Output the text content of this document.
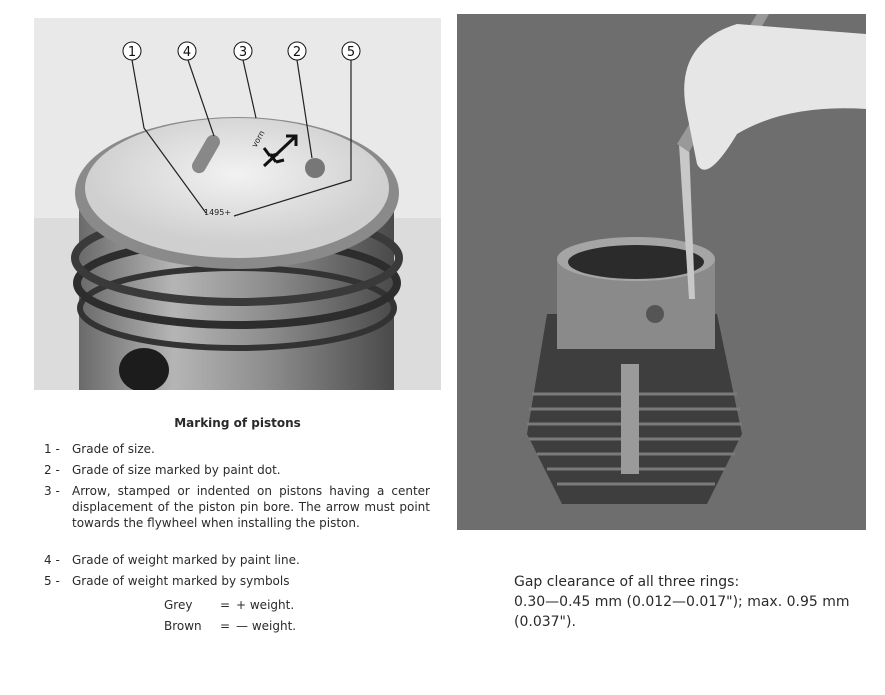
vorn
1495+
1	4	3	2	5
Marking of pistons
1 - Grade of size.
2 - Grade of size marked by paint dot.
3 - Arrow, stamped or indented on pistons having a center displacement of the piston pin bore. The arrow must point towards the flywheel when installing the piston.
4 - Grade of weight marked by paint line.
5 - Grade of weight marked by symbols
Grey = + weight.
Brown = — weight.
Gap clearance of all three rings:
0.30—0.45 mm (0.012—0.017"); max. 0.95 mm
(0.037").
